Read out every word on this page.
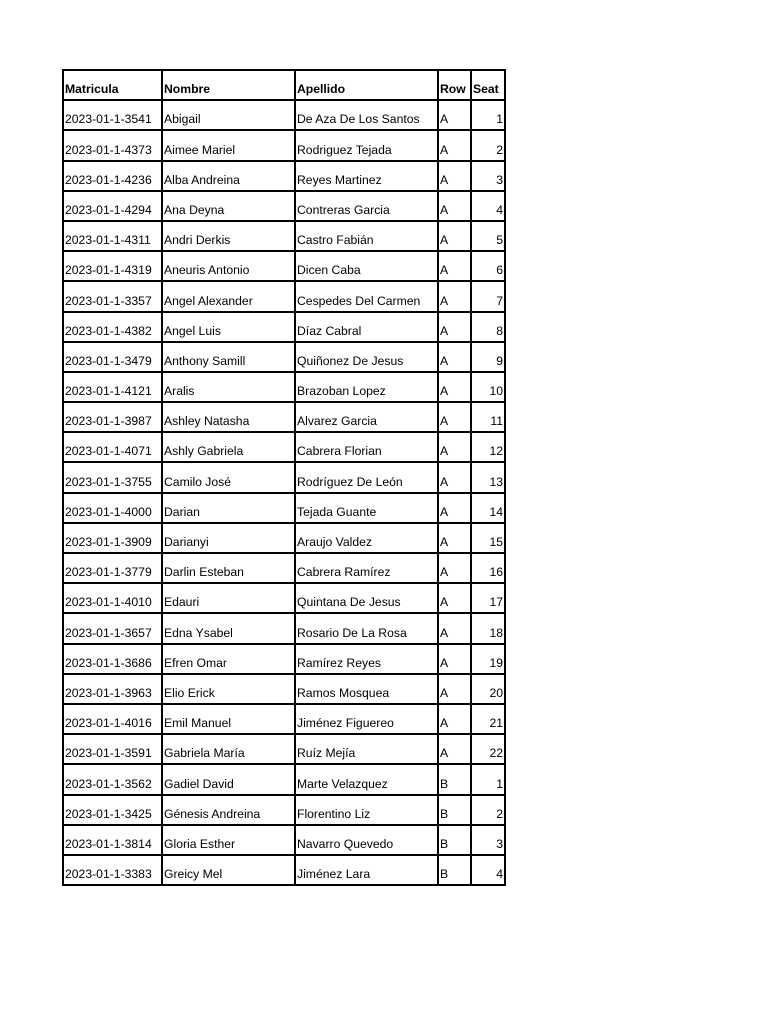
Matricula	Nombre	Apellido	Row	Seat
2023-01-1-3541	Abigail	De Aza De Los Santos	A	1
2023-01-1-4373	Aimee Mariel	Rodriguez Tejada	A	2
2023-01-1-4236	Alba Andreina	Reyes Martinez	A	3
2023-01-1-4294	Ana Deyna	Contreras Garcia	A	4
2023-01-1-4311	Andri Derkis	Castro Fabián	A	5
2023-01-1-4319	Aneuris Antonio	Dicen Caba	A	6
2023-01-1-3357	Angel Alexander	Cespedes Del Carmen	A	7
2023-01-1-4382	Angel Luis	Díaz Cabral	A	8
2023-01-1-3479	Anthony Samill	Quiñonez De Jesus	A	9
2023-01-1-4121	Aralis	Brazoban Lopez	A	10
2023-01-1-3987	Ashley Natasha	Alvarez Garcia	A	11
2023-01-1-4071	Ashly Gabriela	Cabrera Florian	A	12
2023-01-1-3755	Camilo José	Rodríguez De León	A	13
2023-01-1-4000	Darian	Tejada Guante	A	14
2023-01-1-3909	Darianyi	Araujo Valdez	A	15
2023-01-1-3779	Darlin Esteban	Cabrera Ramírez	A	16
2023-01-1-4010	Edauri	Quintana De Jesus	A	17
2023-01-1-3657	Edna Ysabel	Rosario De La Rosa	A	18
2023-01-1-3686	Efren Omar	Ramírez Reyes	A	19
2023-01-1-3963	Elio Erick	Ramos Mosquea	A	20
2023-01-1-4016	Emil Manuel	Jiménez Figuereo	A	21
2023-01-1-3591	Gabriela María	Ruíz Mejía	A	22
2023-01-1-3562	Gadiel David	Marte Velazquez	B	1
2023-01-1-3425	Génesis Andreina	Florentino Liz	B	2
2023-01-1-3814	Gloria Esther	Navarro Quevedo	B	3
2023-01-1-3383	Greicy Mel	Jiménez Lara	B	4
